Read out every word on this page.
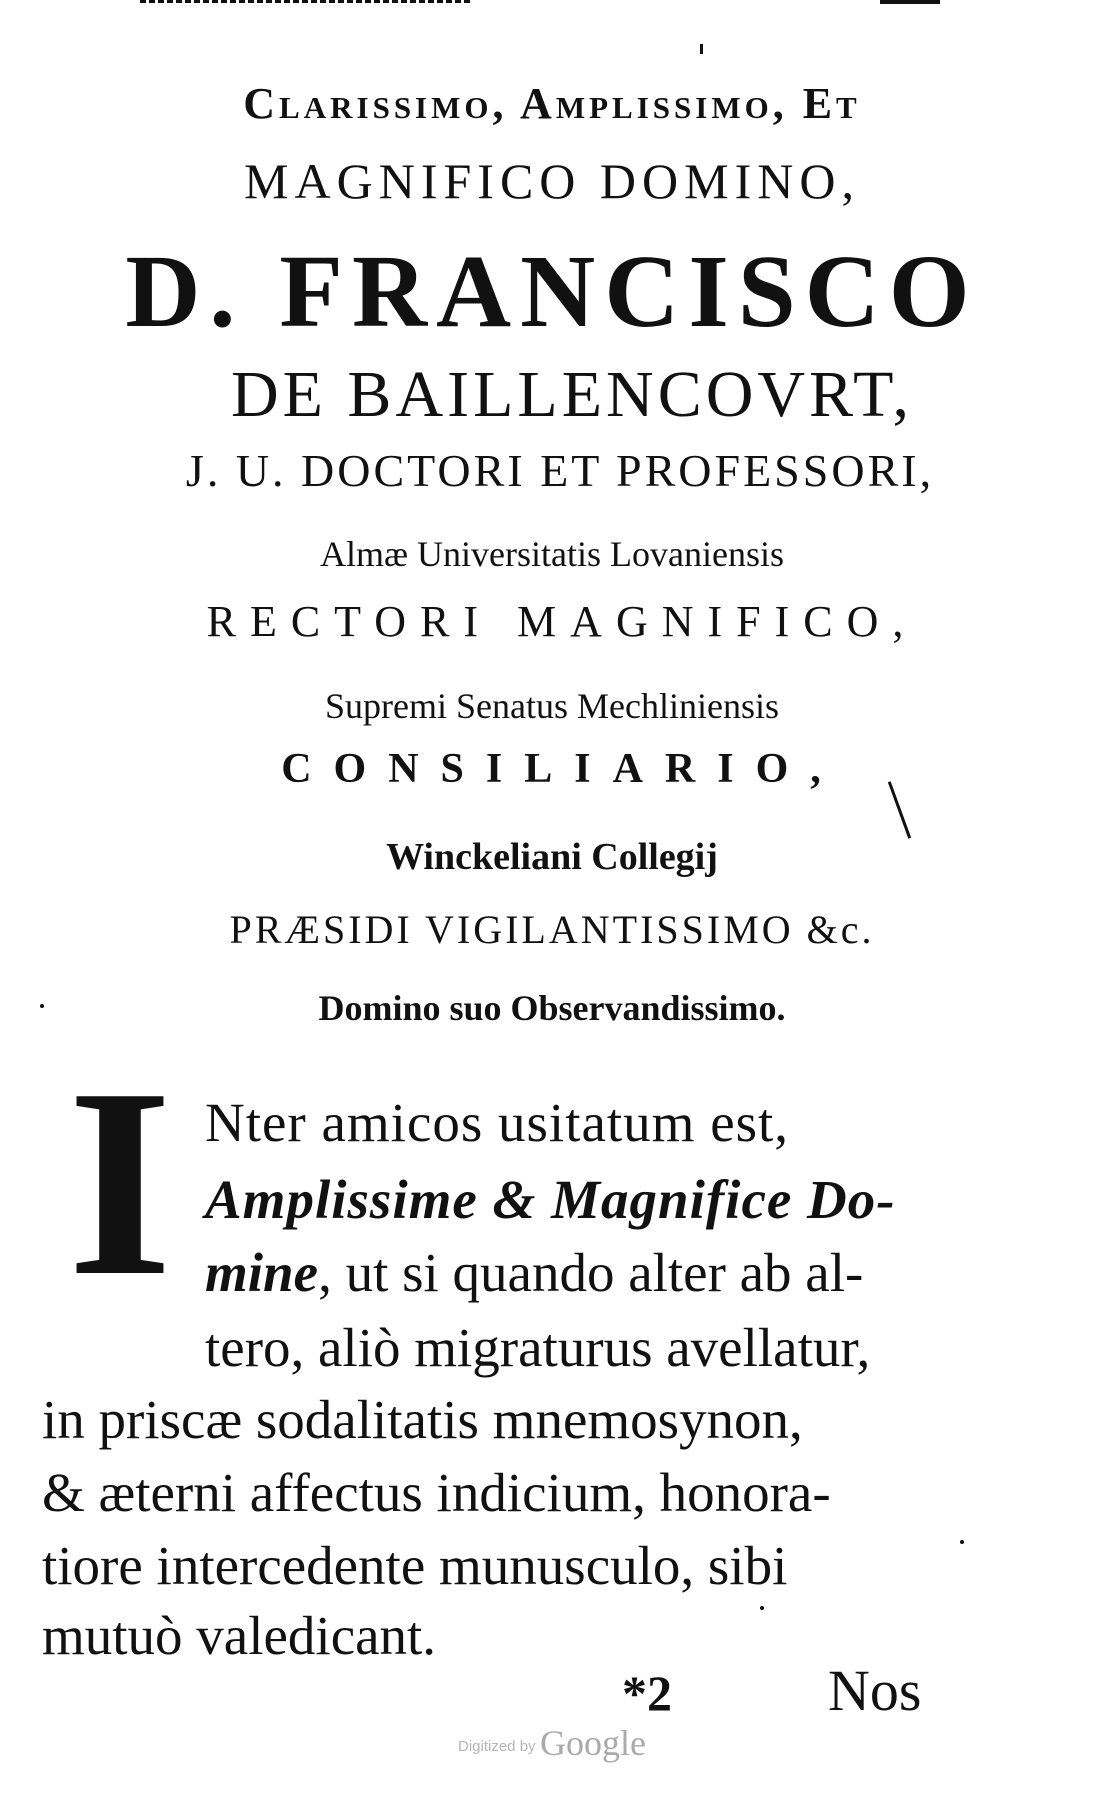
Clarissimo, Amplissimo, Et
MAGNIFICO DOMINO,
D. FRANCISCO
DE BAILLENCOVRT,
J. U. DOCTORI ET PROFESSORI,
Almæ Universitatis Lovaniensis
RECTORI MAGNIFICO,
Supremi Senatus Mechliniensis
CONSILIARIO,
Winckeliani Collegij
PRÆSIDI VIGILANTISSIMO &c.
Domino suo Observandissimo.
I Nter amicos usitatum est,
Amplissime & Magnifice Do-
mine, ut si quando alter ab al-
tero, aliò migraturus avellatur,
in priscæ sodalitatis mnemosynon,
& æterni affectus indicium, honora-
tiore intercedente munusculo, sibi
mutuò valedicant.
*2	Nos
Digitized by Google
